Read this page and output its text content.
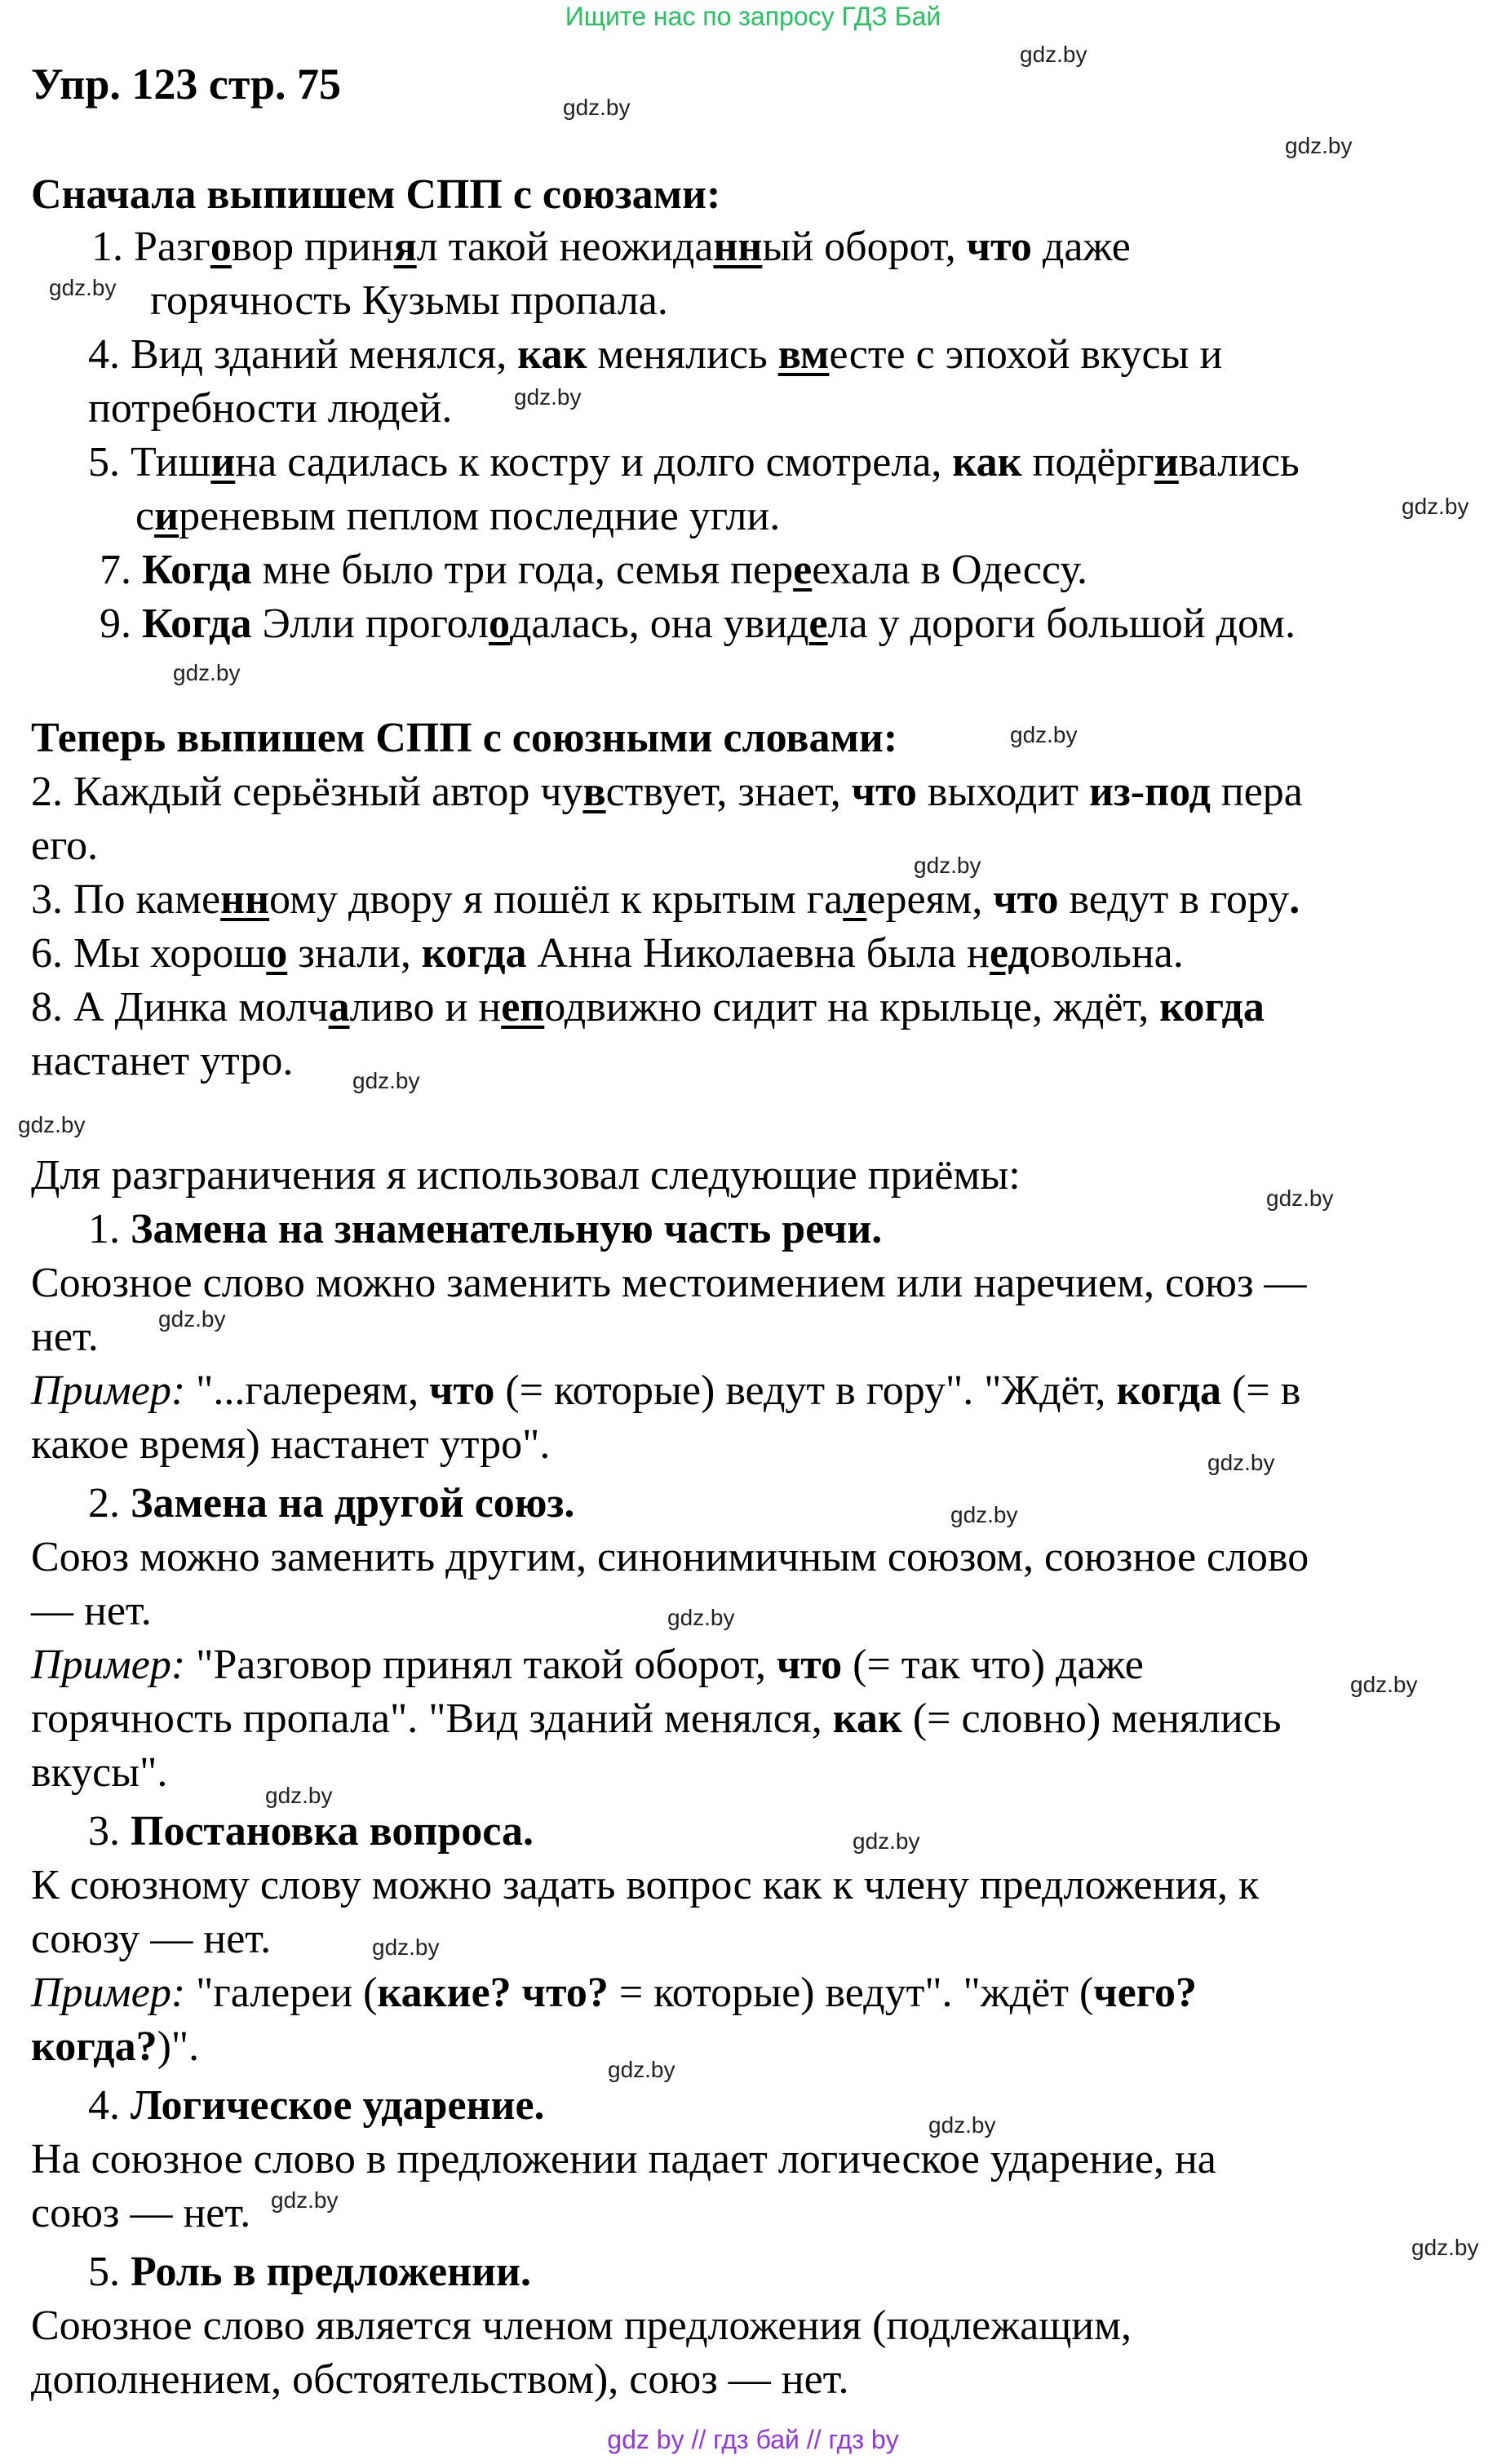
Ищите нас по запросу ГДЗ Бай
Упр. 123 стр. 75
Сначала выпишем СПП с союзами:
1. Разговор принял такой неожиданный оборот, что даже
горячность Кузьмы пропала.
4. Вид зданий менялся, как менялись вместе с эпохой вкусы и
потребности людей.
5. Тишина садилась к костру и долго смотрела, как подёргивались
сиреневым пеплом последние угли.
7. Когда мне было три года, семья переехала в Одессу.
9. Когда Элли проголодалась, она увидела у дороги большой дом.
Теперь выпишем СПП с союзными словами:
2. Каждый серьёзный автор чувствует, знает, что выходит из-под пера
его.
3. По каменному двору я пошёл к крытым галереям, что ведут в гору.
6. Мы хорошо знали, когда Анна Николаевна была недовольна.
8. А Динка молчаливо и неподвижно сидит на крыльце, ждёт, когда
настанет утро.
Для разграничения я использовал следующие приёмы:
1. Замена на знаменательную часть речи.
Союзное слово можно заменить местоимением или наречием, союз —
нет.
Пример: "...галереям, что (= которые) ведут в гору". "Ждёт, когда (= в
какое время) настанет утро".
2. Замена на другой союз.
Союз можно заменить другим, синонимичным союзом, союзное слово
— нет.
Пример: "Разговор принял такой оборот, что (= так что) даже
горячность пропала". "Вид зданий менялся, как (= словно) менялись
вкусы".
3. Постановка вопроса.
К союзному слову можно задать вопрос как к члену предложения, к
союзу — нет.
Пример: "галереи (какие? что? = которые) ведут". "ждёт (чего?
когда?)".
4. Логическое ударение.
На союзное слово в предложении падает логическое ударение, на
союз — нет.
5. Роль в предложении.
Союзное слово является членом предложения (подлежащим,
дополнением, обстоятельством), союз — нет.
gdz by // гдз бай // гдз by
gdz.by
gdz.by
gdz.by
gdz.by
gdz.by
gdz.by
gdz.by
gdz.by
gdz.by
gdz.by
gdz.by
gdz.by
gdz.by
gdz.by
gdz.by
gdz.by
gdz.by
gdz.by
gdz.by
gdz.by
gdz.by
gdz.by
gdz.by
gdz.by
